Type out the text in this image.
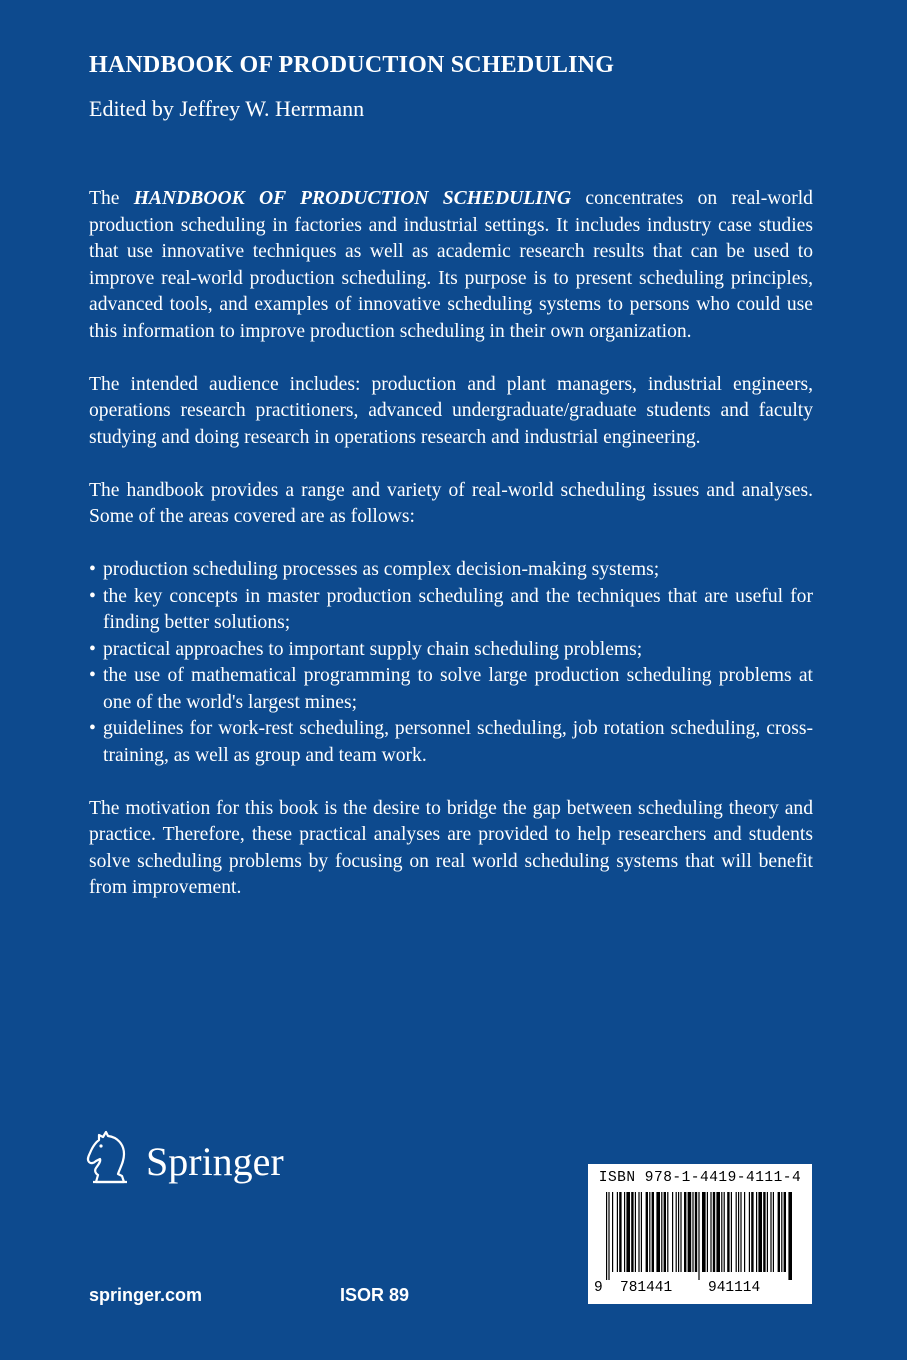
HANDBOOK OF PRODUCTION SCHEDULING
Edited by Jeffrey W. Herrmann

The HANDBOOK OF PRODUCTION SCHEDULING concentrates on real-world production scheduling in factories and industrial settings. It includes industry case studies that use innovative techniques as well as academic research results that can be used to improve real-world production scheduling. Its purpose is to present scheduling principles, advanced tools, and examples of innovative scheduling systems to persons who could use this information to improve production scheduling in their own organization.

The intended audience includes: production and plant managers, industrial engineers, operations research practitioners, advanced undergraduate/graduate students and faculty studying and doing research in operations research and industrial engineering.

The handbook provides a range and variety of real-world scheduling issues and analyses. Some of the areas covered are as follows:

• production scheduling processes as complex decision-making systems;
• the key concepts in master production scheduling and the techniques that are useful for finding better solutions;
• practical approaches to important supply chain scheduling problems;
• the use of mathematical programming to solve large production scheduling problems at one of the world's largest mines;
• guidelines for work-rest scheduling, personnel scheduling, job rotation scheduling, cross-training, as well as group and team work.

The motivation for this book is the desire to bridge the gap between scheduling theory and practice. Therefore, these practical analyses are provided to help researchers and students solve scheduling problems by focusing on real world scheduling systems that will benefit from improvement.

Springer
springer.com	ISOR 89
ISBN 978-1-4419-4111-4
9 781441 941114
